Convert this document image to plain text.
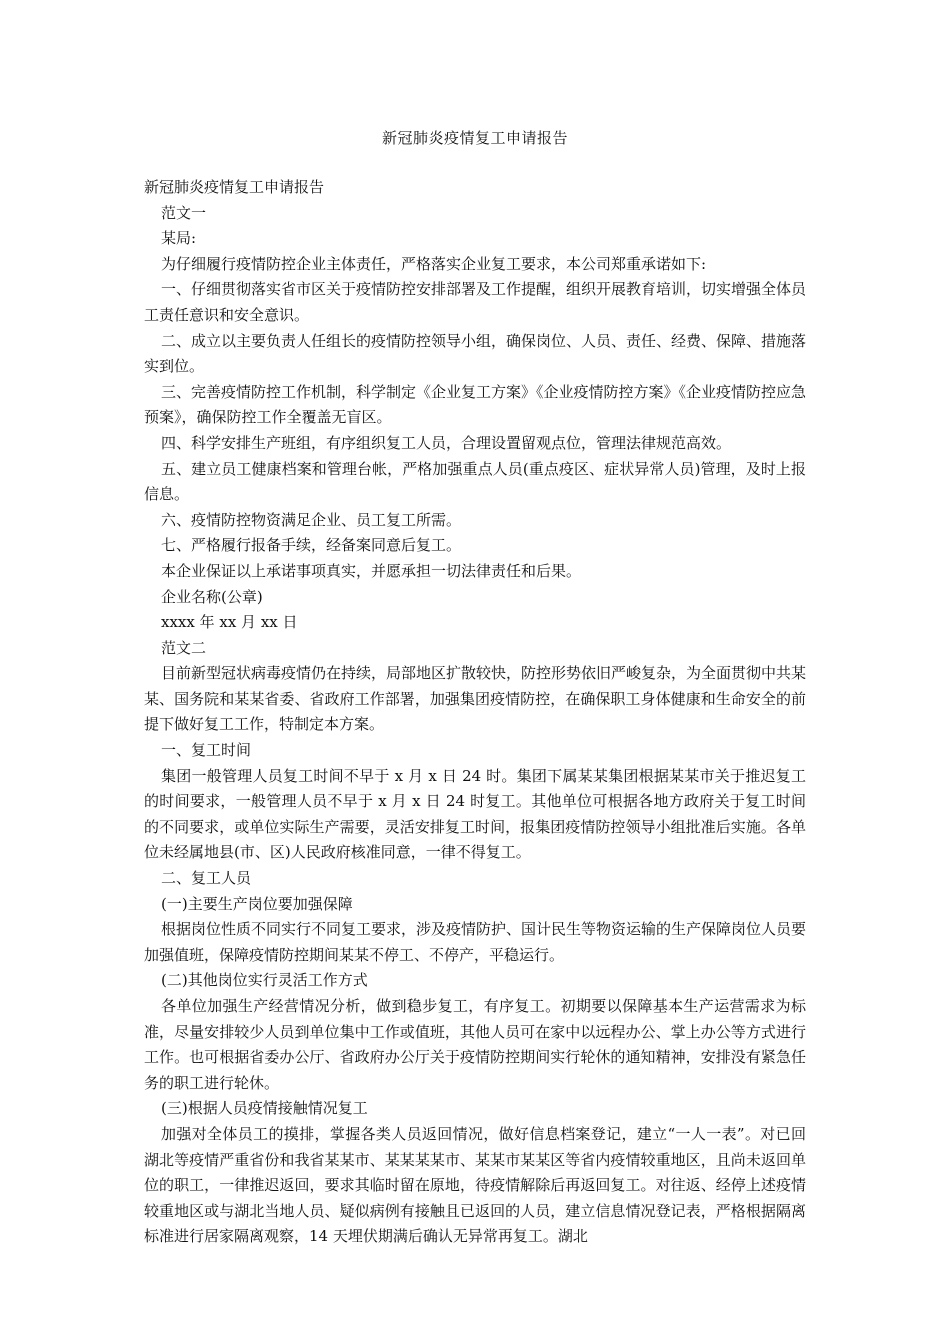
新冠肺炎疫情复工申请报告

新冠肺炎疫情复工申请报告

范文一

某局:

为仔细履行疫情防控企业主体责任，严格落实企业复工要求，本公司郑重承诺如下:

一、仔细贯彻落实省市区关于疫情防控安排部署及工作提醒，组织开展教育培训，切实增强全体员工责任意识和安全意识。

二、成立以主要负责人任组长的疫情防控领导小组，确保岗位、人员、责任、经费、保障、措施落实到位。

三、完善疫情防控工作机制，科学制定《企业复工方案》《企业疫情防控方案》《企业疫情防控应急预案》，确保防控工作全覆盖无盲区。

四、科学安排生产班组，有序组织复工人员，合理设置留观点位，管理法律规范高效。

五、建立员工健康档案和管理台帐，严格加强重点人员(重点疫区、症状异常人员)管理，及时上报信息。

六、疫情防控物资满足企业、员工复工所需。

七、严格履行报备手续，经备案同意后复工。

本企业保证以上承诺事项真实，并愿承担一切法律责任和后果。

企业名称(公章)

xxxx 年 xx 月 xx 日

范文二

目前新型冠状病毒疫情仍在持续，局部地区扩散较快，防控形势依旧严峻复杂，为全面贯彻中共某某、国务院和某某省委、省政府工作部署，加强集团疫情防控，在确保职工身体健康和生命安全的前提下做好复工工作，特制定本方案。

一、复工时间

集团一般管理人员复工时间不早于 x 月 x 日 24 时。集团下属某某集团根据某某市关于推迟复工的时间要求，一般管理人员不早于 x 月 x 日 24 时复工。其他单位可根据各地方政府关于复工时间的不同要求，或单位实际生产需要，灵活安排复工时间，报集团疫情防控领导小组批准后实施。各单位未经属地县(市、区)人民政府核准同意，一律不得复工。

二、复工人员

(一)主要生产岗位要加强保障

根据岗位性质不同实行不同复工要求，涉及疫情防护、国计民生等物资运输的生产保障岗位人员要加强值班，保障疫情防控期间某某不停工、不停产，平稳运行。

(二)其他岗位实行灵活工作方式

各单位加强生产经营情况分析，做到稳步复工，有序复工。初期要以保障基本生产运营需求为标准，尽量安排较少人员到单位集中工作或值班，其他人员可在家中以远程办公、掌上办公等方式进行工作。也可根据省委办公厅、省政府办公厅关于疫情防控期间实行轮休的通知精神，安排没有紧急任务的职工进行轮休。

(三)根据人员疫情接触情况复工

加强对全体员工的摸排，掌握各类人员返回情况，做好信息档案登记，建立“一人一表”。对已回湖北等疫情严重省份和我省某某市、某某某某市、某某市某某区等省内疫情较重地区，且尚未返回单位的职工，一律推迟返回，要求其临时留在原地，待疫情解除后再返回复工。对往返、经停上述疫情较重地区或与湖北当地人员、疑似病例有接触且已返回的人员，建立信息情况登记表，严格根据隔离标准进行居家隔离观察，14 天埋伏期满后确认无异常再复工。湖北
